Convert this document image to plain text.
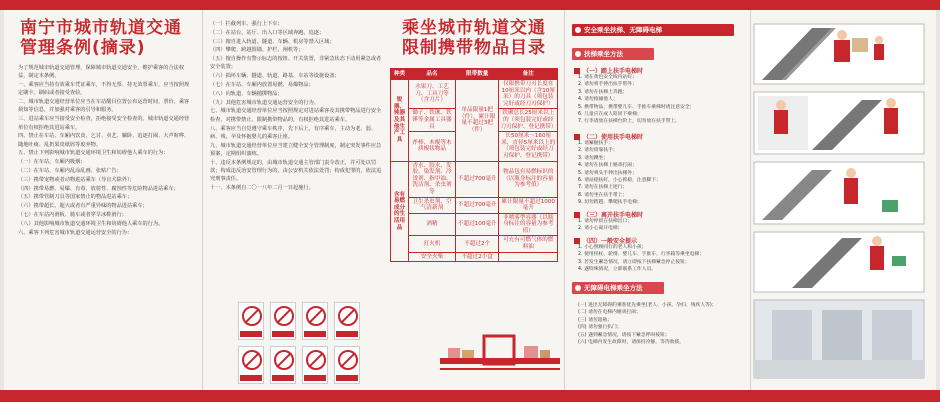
南宁市城市轨道交通
管理条例(摘录)

为了规范城市轨道交通管理，保障城市轨道交通安全，维护乘客的合法权益，制定本条例。

一、乘客应当持有效乘车凭证乘车，不得无票、持无效票乘车，应当按照规定刷卡、刷码或者接受查验。

二、城市轨道交通经营单位应当在车站醒目位置公布运营时间、票价、乘客须知等信息，并加强对乘客的引导和服务。

三、进站乘车应当接受安全检查，拒绝接受安全检查的，城市轨道交通经营单位有权拒绝其进站乘车。

四、禁止在车站、车厢内饮食、乞讨、卖艺、躺卧、追逐打闹、大声喧哗、随地吐痰、乱扔果皮纸屑等废弃物。

五、禁止下列影响城市轨道交通环境卫生和妨碍他人乘车的行为：

（一）在车站、车厢内吸烟；

（二）在车站、车厢内乱涂乱画、张贴广告；

（三）携带宠物或者动物进站乘车（导盲犬除外）；

（四）携带易燃、易爆、有毒、放射性、腐蚀性等危险物品进站乘车；

（五）携带管制刀具等国家禁止的物品进站乘车；

（六）携带超长、超大或者有严重异味的物品进站乘车；

（七）在车站内滑板、骑车或者穿旱冰鞋滑行；

（八）其他影响城市轨道交通环境卫生和妨碍他人乘车的行为。

六、乘客下列危害城市轨道交通运营安全的行为：

（一）拦截列车、强行上下车；

（二）在站台、站厅、出入口等区域奔跑、追逐；

（三）擅自进入轨道、隧道、车辆、机房等禁入区域；

（四）攀爬、跨越围墙、护栏、闸机等；

（五）擅自操作有警示标志的按钮、开关装置，非紧急状态下动用紧急或者安全装置；

（六）损坏车辆、隧道、轨道、路基、车站等设施设备；

（七）在车站、车厢内放置易燃、易爆物品；

（八）向轨道、车辆抛掷物品；

（九）其他危害城市轨道交通运营安全的行为。

七、城市轨道交通经营单位应当按照规定对进站乘客及其携带物品进行安全检查，对携带禁止、限制携带物品的，有权拒绝其进站乘车。

八、乘客应当自觉遵守乘车秩序，先下后上，有序乘车，主动为老、弱、病、残、孕及怀抱婴儿的乘客让座。

九、城市轨道交通经营单位应当建立健全安全管理制度，制定突发事件应急预案，定期组织演练。

十、违反本条例规定的，由城市轨道交通主管部门责令改正，并可处以罚款；构成违反治安管理行为的，由公安机关依法处罚；构成犯罪的，依法追究刑事责任。

十一、本条例自二〇一八年二月一日起施行。

乘坐城市轨道交通
限制携带物品目录
种类	品名	限带数量	备注
锐器、钝器及其他生产工具	水果刀、工艺刀、工具刀等（含刀片）	单品限量1把（件），累计限量不超过3把（件）	仅限携带刀刃长度在10厘米以内（含10厘米）的刀具（须包装完好或经刀刃保护）
	锄子、铁锹、铁锤等金属工具器具		铁锹总长25厘米以上的（须包装完好或经刀刃保护、登记携带）
	斧棒、木棍等木质棍状物品		长50厘米～160厘米，直径5厘米以上的（须包装完好或经刀刃保护、登记携带）
含有易燃成分的生活用品	香水、胶水、发胶、染发剂、冷烫剂、指甲油、洗洁剂、杀虫剂等	不超过700毫升	物品包有易燃标识的（以瓶身标注的容量为参考值）
	卫生杀虫剂、空气清新剂	不超过700毫升	累计限量不超过1000毫升
	酒精	不超过100毫升	非喷雾型容器（以瓶身标注的容量为参考值）
	打火机	不超过2个	可充有可燃气体的燃料油
	安全火柴	不超过2小盒	
安全乘坐扶梯、无障碍电梯
扶梯乘坐方法
（一）踏上扶手电梯时
1. 请在黄色安全线内站好；
2. 请勿将手伸出扶手带外；
3. 请勿在扶梯上奔跑；
4. 请勿推搡他人；
5. 携带物品、携带婴儿车、手推车乘梯时请注意安全；
6. 儿童应在成人陪同下乘梯；
7. 行李请放在扶梯台阶上，切勿放在扶手带上。
（二）使用扶手电梯时
1. 请紧握扶手；
2. 请勿倚靠扶手；
3. 请勿蹲坐；
4. 请勿在扶梯上嬉戏打闹；
5. 请勿将头手伸出扶梯外；
6. 请站稳扶好，小心抓稳，注意脚下；
7. 请勿在扶梯上逆行；
8. 请勿坐在扶手带上；
9. 切勿跨越、攀爬扶手电梯；
（三）离开扶手电梯时
1. 请勿停留在扶梯出口；
2. 请小心离开电梯；
（四）一般安全提示
1. 小心照顾同行的老人和小孩；
2. 使用拐杖、轮椅、婴儿车、手推车、行李箱等乘坐电梯；
3. 若发生紧急情况，请立即按下扶梯紧急停止按钮；
4. 遇特殊情况，立即联系工作人员。
无障碍电梯乘坐方法
(一) 进出无障碍的乘客优先乘坐(老人、小孩、孕妇、残疾人等)；
(二) 请勿在电梯内嬉戏打闹；
(三) 请勿超载；
(四) 请勿强行扒门；
(五) 遇到紧急情况，请按下紧急呼叫按钮；
(六) 电梯内发生故障时，请保持冷静，等待救援。
